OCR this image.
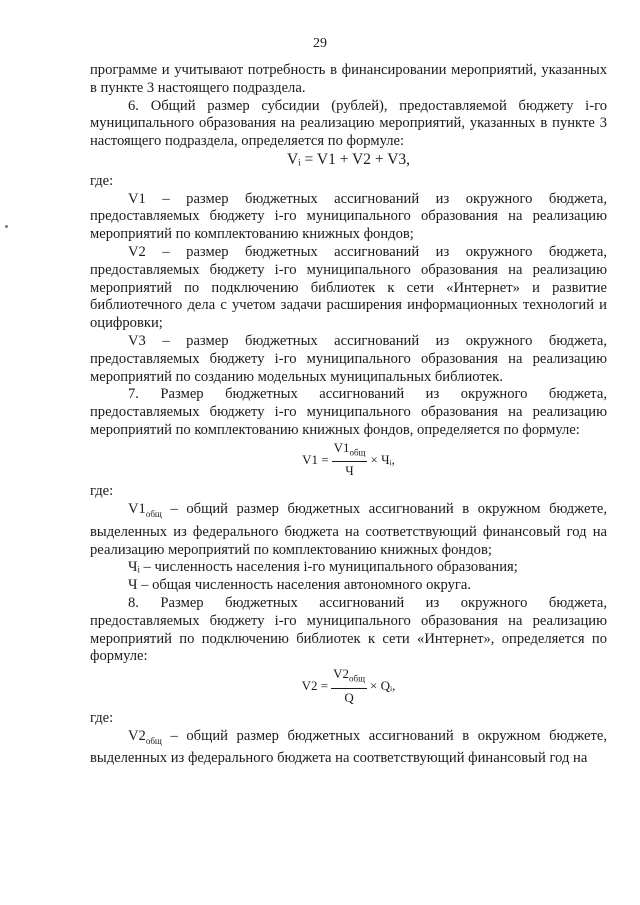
29

программе и учитывают потребность в финансировании мероприятий, указанных в пункте 3 настоящего подраздела.

6. Общий размер субсидии (рублей), предоставляемой бюджету i-го муниципального образования на реализацию мероприятий, указанных в пункте 3 настоящего подраздела, определяется по формуле:

Vᵢ = V1 + V2 + V3,

где:

V1 – размер бюджетных ассигнований из окружного бюджета, предоставляемых бюджету i-го муниципального образования на реализацию мероприятий по комплектованию книжных фондов;

V2 – размер бюджетных ассигнований из окружного бюджета, предоставляемых бюджету i-го муниципального образования на реализацию мероприятий по подключению библиотек к сети «Интернет» и развитие библиотечного дела с учетом задачи расширения информационных технологий и оцифровки;

V3 – размер бюджетных ассигнований из окружного бюджета, предоставляемых бюджету i-го муниципального образования на реализацию мероприятий по созданию модельных муниципальных библиотек.

7. Размер бюджетных ассигнований из окружного бюджета, предоставляемых бюджету i-го муниципального образования на реализацию мероприятий по комплектованию книжных фондов, определяется по формуле:

$V1 = \frac{V1_{общ}}{Ч}$ × Чᵢ,

где:

$V1_{общ}$ – общий размер бюджетных ассигнований в окружном бюджете, выделенных из федерального бюджета на соответствующий финансовый год на реализацию мероприятий по комплектованию книжных фондов;

Чᵢ – численность населения i-го муниципального образования;

Ч – общая численность населения автономного округа.

8. Размер бюджетных ассигнований из окружного бюджета, предоставляемых бюджету i-го муниципального образования на реализацию мероприятий по подключению библиотек к сети «Интернет», определяется по формуле:

$V2 = \frac{V2_{общ}}{Q}$ × Qᵢ,

где:

$V2_{общ}$ – общий размер бюджетных ассигнований в окружном бюджете, выделенных из федерального бюджета на соответствующий финансовый год на
